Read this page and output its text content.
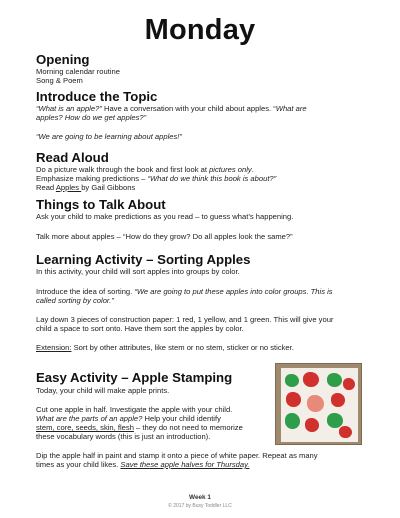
Monday
Opening
Morning calendar routine
Song & Poem
Introduce the Topic
“What is an apple?” Have a conversation with your child about apples. “What are
apples? How do we get apples?”
“We are going to be learning about apples!”
Read Aloud
Do a picture walk through the book and first look at pictures only.
Emphasize making predictions – “What do we think this book is about?”
Read Apples by Gail Gibbons
Things to Talk About
Ask your child to make predictions as you read – to guess what’s happening.
Talk more about apples – “How do they grow? Do all apples look the same?”
Learning Activity – Sorting Apples
In this activity, your child will sort apples into groups by color.
Introduce the idea of sorting. “We are going to put these apples into color groups. This is
called sorting by color.”
Lay down 3 pieces of construction paper: 1 red, 1 yellow, and 1 green. This will give your
child a space to sort onto. Have them sort the apples by color.
Extension: Sort by other attributes, like stem or no stem, sticker or no sticker.
Easy Activity – Apple Stamping
Today, your child will make apple prints.
Cut one apple in half. Investigate the apple with your child.
What are the parts of an apple? Help your child identify
stem, core, seeds, skin, flesh – they do not need to memorize
these vocabulary words (this is just an introduction).
Dip the apple half in paint and stamp it onto a piece of white paper. Repeat as many
times as your child likes. Save these apple halves for Thursday.
Week 1
© 2017 by Busy Toddler LLC
